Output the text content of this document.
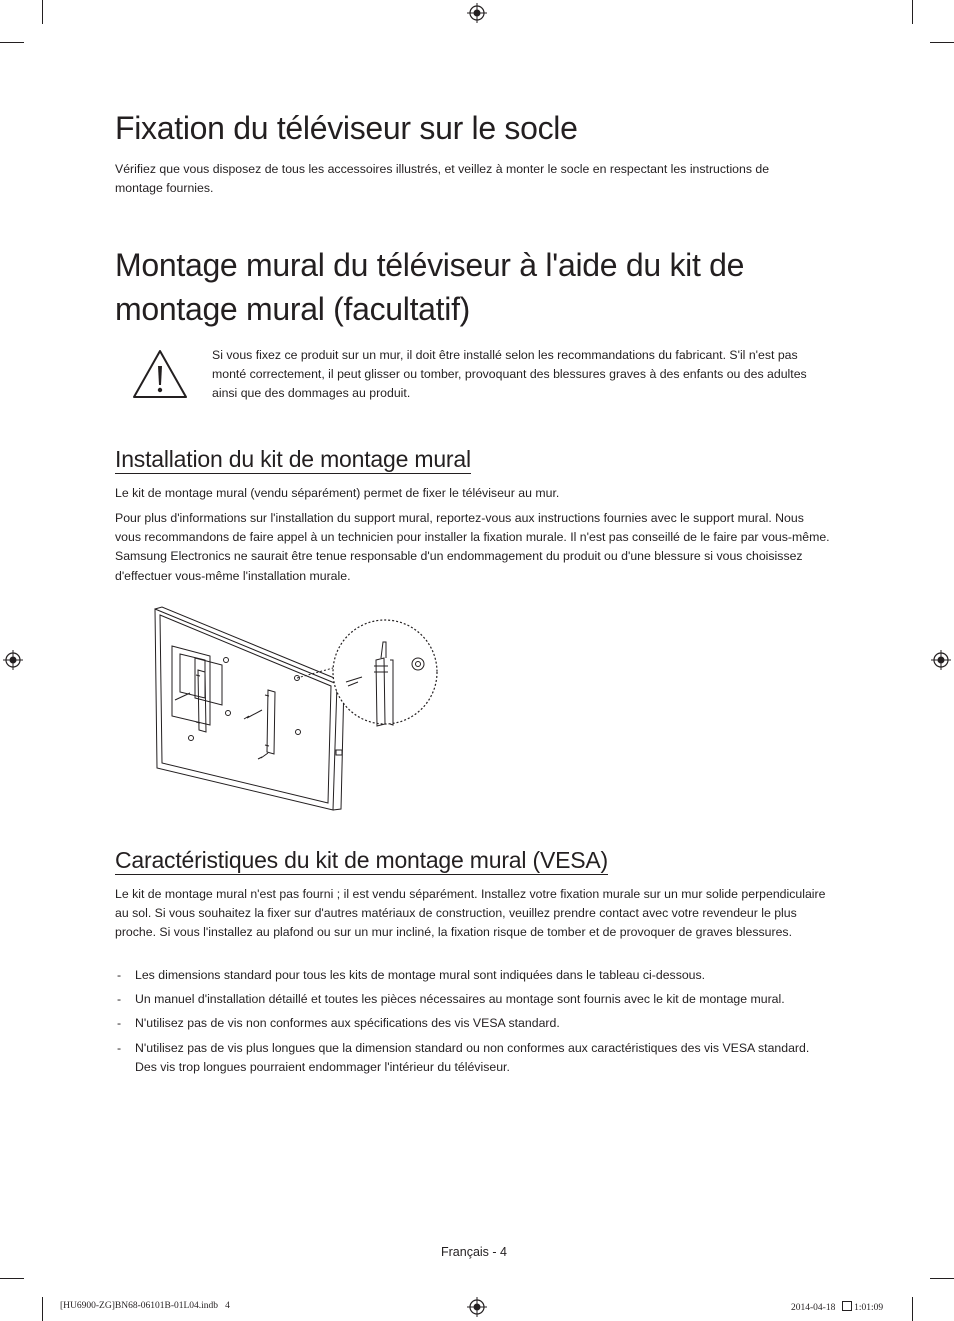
Fixation du téléviseur sur le socle

Vérifiez que vous disposez de tous les accessoires illustrés, et veillez à monter le socle en respectant les instructions de montage fournies.

Montage mural du téléviseur à l'aide du kit de
montage mural (facultatif)

Si vous fixez ce produit sur un mur, il doit être installé selon les recommandations du fabricant. S'il n'est pas monté correctement, il peut glisser ou tomber, provoquant des blessures graves à des enfants ou des adultes ainsi que des dommages au produit.

Installation du kit de montage mural

Le kit de montage mural (vendu séparément) permet de fixer le téléviseur au mur.

Pour plus d'informations sur l'installation du support mural, reportez-vous aux instructions fournies avec le support mural. Nous vous recommandons de faire appel à un technicien pour installer la fixation murale. Il n'est pas conseillé de le faire par vous-même. Samsung Electronics ne saurait être tenue responsable d'un endommagement du produit ou d'une blessure si vous choisissez d'effectuer vous-même l'installation murale.

Caractéristiques du kit de montage mural (VESA)

Le kit de montage mural n'est pas fourni ; il est vendu séparément. Installez votre fixation murale sur un mur solide perpendiculaire au sol. Si vous souhaitez la fixer sur d'autres matériaux de construction, veuillez prendre contact avec votre revendeur le plus proche. Si vous l'installez au plafond ou sur un mur incliné, la fixation risque de tomber et de provoquer de graves blessures.

- Les dimensions standard pour tous les kits de montage mural sont indiquées dans le tableau ci-dessous.
- Un manuel d'installation détaillé et toutes les pièces nécessaires au montage sont fournis avec le kit de montage mural.
- N'utilisez pas de vis non conformes aux spécifications des vis VESA standard.
- N'utilisez pas de vis plus longues que la dimension standard ou non conformes aux caractéristiques des vis VESA standard. Des vis trop longues pourraient endommager l'intérieur du téléviseur.
Français - 4
[HU6900-ZG]BN68-06101B-01L04.indb   4	2014-04-18 1:01:09
